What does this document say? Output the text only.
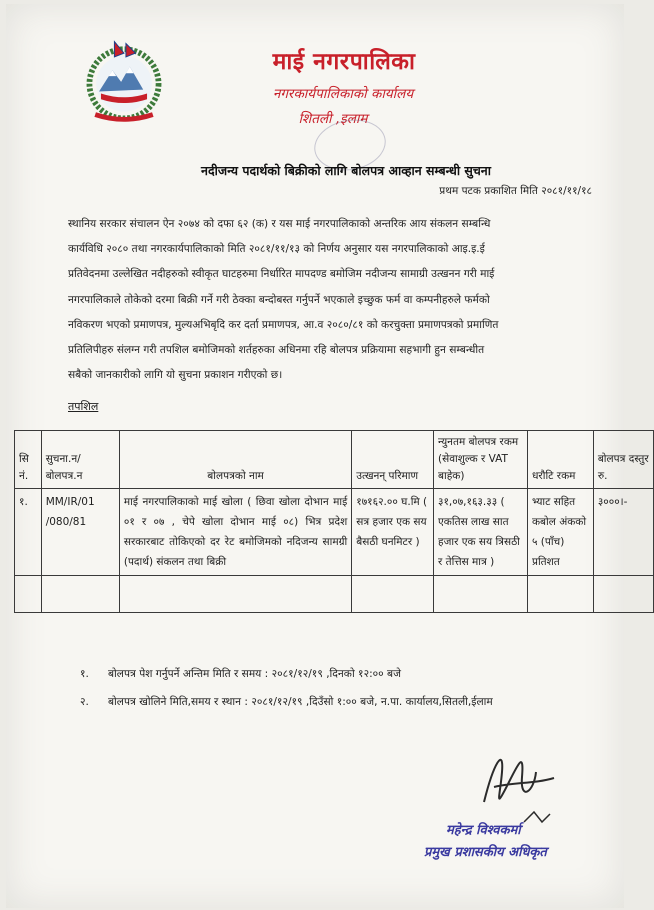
माई नगरपालिका
नगरकार्यपालिकाको कार्यालय
शितली ,इलाम
नदीजन्य पदार्थको बिक्रीको लागि बोलपत्र आव्हान सम्बन्धी सुचना
प्रथम पटक प्रकाशित मिति २०८१/११/१८
स्थानिय सरकार संचालन ऐन २०७४ को दफा ६२ (क) र यस माई नगरपालिकाको अन्तरिक आय संकलन सम्बन्धि
कार्यविधि २०८० तथा नगरकार्यपालिकाको मिति २०८१/११/१३ को निर्णय अनुसार यस नगरपालिकाको आइ.इ.ई
प्रतिवेदनमा उल्लेखित नदीहरुको स्वीकृत घाटहरुमा निर्धारित मापदण्ड बमोजिम नदीजन्य सामाग्री उत्खनन गरी माई
नगरपालिकाले तोकेको दरमा बिक्री गर्ने गरी ठेक्का बन्दोबस्त गर्नुपर्ने भएकाले इच्छुक फर्म वा कम्पनीहरुले फर्मको
नविकरण भएको प्रमाणपत्र, मुल्यअभिबृदि कर दर्ता प्रमाणपत्र, आ.व २०८०/८१ को करचुक्ता प्रमाणपत्रको प्रमाणित
प्रतिलिपीहरु संलग्न गरी तपशिल बमोजिमको शर्तहरुका अधिनमा रहि बोलपत्र प्रक्रियामा सहभागी हुन सम्बन्धीत
सबैको जानकारीको लागि यो सुचना प्रकाशन गरीएको छ।
तपशिल
सि नं.	सुचना.न/ बोलपत्र.न	बोलपत्रको नाम	उत्खनन् परिमाण	न्युनतम बोलपत्र रकम (सेवाशुल्क र VAT बाहेक)	धरौटि रकम	बोलपत्र दस्तुर रु.
१.	MM/IR/01 /080/81	माई नगरपालिकाको माई खोला ( छिवा खोला दोभान माई ०१ र ०७ , चेपे खोला दोभान माई ०८) भित्र प्रदेश सरकारबाट तोकिएको दर रेट बमोजिमको नदिजन्य सामग्री (पदार्थ) संकलन तथा बिक्री	१७१६२.०० घ.मि ( सत्र हजार एक सय बैसठी घनमिटर )	३१,०७,१६३.३३ ( एकतिस लाख सात हजार एक सय त्रिसठी र तेत्तिस मात्र )	भ्याट सहित कबोल अंकको ५ (पाँच) प्रतिशत	३०००।-

१. बोलपत्र पेश गर्नुपर्ने अन्तिम मिति र समय : २०८१/१२/१९ ,दिनको १२:०० बजे
२. बोलपत्र खोलिने मिति,समय र स्थान : २०८१/१२/१९ ,दिउँसो १:०० बजे, न.पा. कार्यालय,सितली,ईलाम
महेन्द्र विश्वकर्मा
प्रमुख प्रशासकीय अधिकृत
